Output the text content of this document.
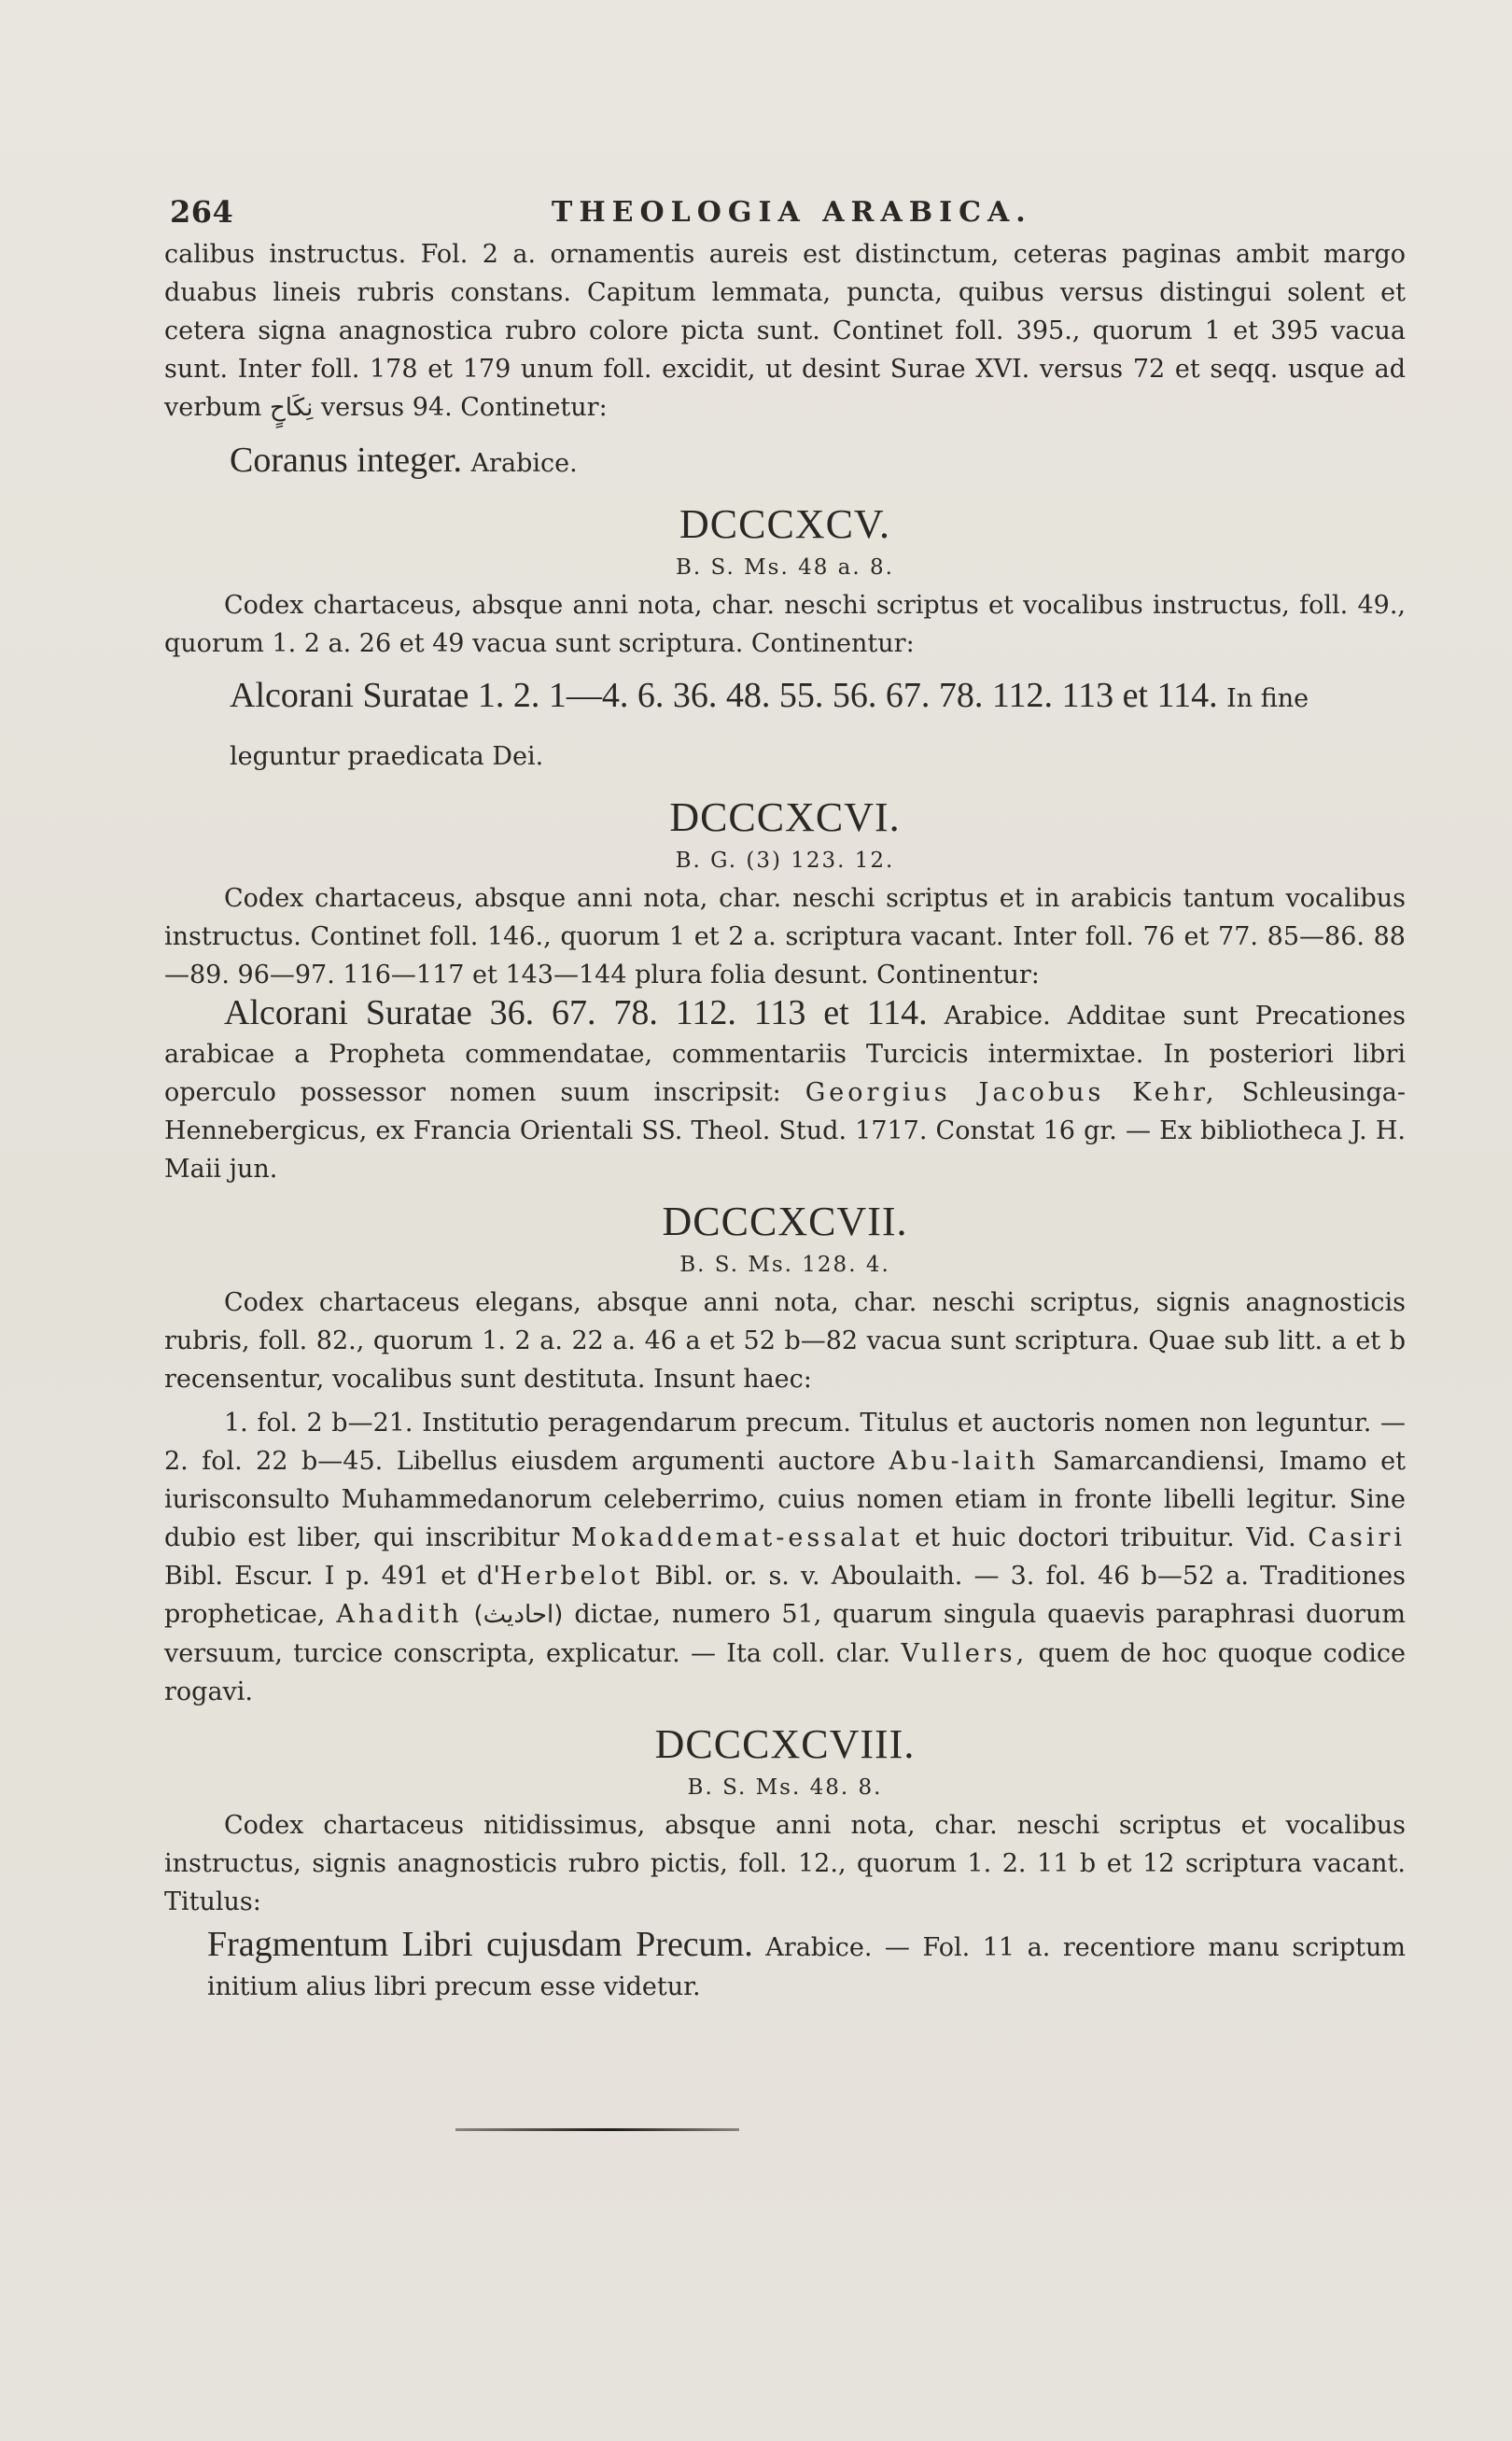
264	THEOLOGIA ARABICA.

calibus instructus. Fol. 2 a. ornamentis aureis est distinctum, ceteras paginas ambit margo duabus lineis rubris constans. Capitum lemmata, puncta, quibus versus distingui solent et cetera signa anagnostica rubro colore picta sunt. Continet foll. 395., quorum 1 et 395 vacua sunt. Inter foll. 178 et 179 unum foll. excidit, ut desint Surae XVI. versus 72 et seqq. usque ad verbum نِكَاحٍ versus 94. Continetur:

Coranus integer. Arabice.
DCCCXCV.
B. S. Ms. 48 a. 8.

Codex chartaceus, absque anni nota, char. neschi scriptus et vocalibus instructus, foll. 49., quorum 1. 2 a. 26 et 49 vacua sunt scriptura. Continentur:

Alcorani Suratae 1. 2. 1—4. 6. 36. 48. 55. 56. 67. 78. 112. 113 et 114. In fine leguntur praedicata Dei.
DCCCXCVI.
B. G. (3) 123. 12.

Codex chartaceus, absque anni nota, char. neschi scriptus et in arabicis tantum vocalibus instructus. Continet foll. 146., quorum 1 et 2 a. scriptura vacant. Inter foll. 76 et 77. 85—86. 88—89. 96—97. 116—117 et 143—144 plura folia desunt. Continentur:

Alcorani Suratae 36. 67. 78. 112. 113 et 114. Arabice. Additae sunt Precationes arabicae a Propheta commendatae, commentariis Turcicis intermixtae. In posteriori libri operculo possessor nomen suum inscripsit: Georgius Jacobus Kehr, Schleusinga-Hennebergicus, ex Francia Orientali SS. Theol. Stud. 1717. Constat 16 gr. — Ex bibliotheca J. H. Maii jun.

DCCCXCVII.
B. S. Ms. 128. 4.

Codex chartaceus elegans, absque anni nota, char. neschi scriptus, signis anagnosticis rubris, foll. 82., quorum 1. 2 a. 22 a. 46 a et 52 b—82 vacua sunt scriptura. Quae sub litt. a et b recensentur, vocalibus sunt destituta. Insunt haec:

1. fol. 2 b—21. Institutio peragendarum precum. Titulus et auctoris nomen non leguntur. — 2. fol. 22 b—45. Libellus eiusdem argumenti auctore Abu-laith Samarcandiensi, Imamo et iurisconsulto Muhammedanorum celeberrimo, cuius nomen etiam in fronte libelli legitur. Sine dubio est liber, qui inscribitur Mokaddemat-essalat et huic doctori tribuitur. Vid. Casiri Bibl. Escur. I p. 491 et d'Herbelot Bibl. or. s. v. Aboulaith. — 3. fol. 46 b—52 a. Traditiones propheticae, Ahadith (احاديث) dictae, numero 51, quarum singula quaevis paraphrasi duorum versuum, turcice conscripta, explicatur. — Ita coll. clar. Vullers, quem de hoc quoque codice rogavi.

DCCCXCVIII.
B. S. Ms. 48. 8.

Codex chartaceus nitidissimus, absque anni nota, char. neschi scriptus et vocalibus instructus, signis anagnosticis rubro pictis, foll. 12., quorum 1. 2. 11 b et 12 scriptura vacant. Titulus:

Fragmentum Libri cujusdam Precum. Arabice. — Fol. 11 a. recentiore manu scriptum initium alius libri precum esse videtur.
